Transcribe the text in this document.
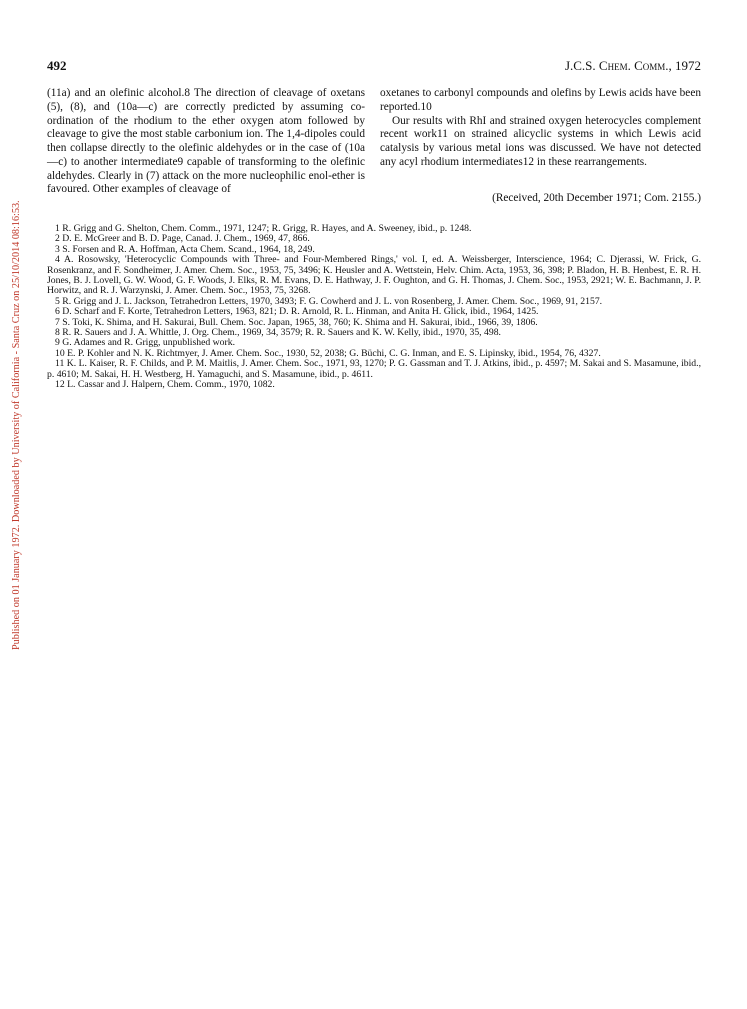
Published on 01 January 1972. Downloaded by University of California - Santa Cruz on 25/10/2014 08:16:53.
492	J.C.S. Chem. Comm., 1972

(11a) and an olefinic alcohol.8 The direction of cleavage of oxetans (5), (8), and (10a—c) are correctly predicted by assuming co-ordination of the rhodium to the ether oxygen atom followed by cleavage to give the most stable carbonium ion. The 1,4-dipoles could then collapse directly to the olefinic aldehydes or in the case of (10a—c) to another intermediate9 capable of transforming to the olefinic aldehydes. Clearly in (7) attack on the more nucleophilic enol-ether is favoured. Other examples of cleavage of

oxetanes to carbonyl compounds and olefins by Lewis acids have been reported.10

Our results with RhI and strained oxygen heterocycles complement recent work11 on strained alicyclic systems in which Lewis acid catalysis by various metal ions was discussed. We have not detected any acyl rhodium intermediates12 in these rearrangements.

(Received, 20th December 1971; Com. 2155.)

1 R. Grigg and G. Shelton, Chem. Comm., 1971, 1247; R. Grigg, R. Hayes, and A. Sweeney, ibid., p. 1248.

2 D. E. McGreer and B. D. Page, Canad. J. Chem., 1969, 47, 866.

3 S. Forsen and R. A. Hoffman, Acta Chem. Scand., 1964, 18, 249.

4 A. Rosowsky, 'Heterocyclic Compounds with Three- and Four-Membered Rings,' vol. I, ed. A. Weissberger, Interscience, 1964; C. Djerassi, W. Frick, G. Rosenkranz, and F. Sondheimer, J. Amer. Chem. Soc., 1953, 75, 3496; K. Heusler and A. Wettstein, Helv. Chim. Acta, 1953, 36, 398; P. Bladon, H. B. Henbest, E. R. H. Jones, B. J. Lovell, G. W. Wood, G. F. Woods, J. Elks, R. M. Evans, D. E. Hathway, J. F. Oughton, and G. H. Thomas, J. Chem. Soc., 1953, 2921; W. E. Bachmann, J. P. Horwitz, and R. J. Warzynski, J. Amer. Chem. Soc., 1953, 75, 3268.

5 R. Grigg and J. L. Jackson, Tetrahedron Letters, 1970, 3493; F. G. Cowherd and J. L. von Rosenberg, J. Amer. Chem. Soc., 1969, 91, 2157.

6 D. Scharf and F. Korte, Tetrahedron Letters, 1963, 821; D. R. Arnold, R. L. Hinman, and Anita H. Glick, ibid., 1964, 1425.

7 S. Toki, K. Shima, and H. Sakurai, Bull. Chem. Soc. Japan, 1965, 38, 760; K. Shima and H. Sakurai, ibid., 1966, 39, 1806.

8 R. R. Sauers and J. A. Whittle, J. Org. Chem., 1969, 34, 3579; R. R. Sauers and K. W. Kelly, ibid., 1970, 35, 498.

9 G. Adames and R. Grigg, unpublished work.

10 E. P. Kohler and N. K. Richtmyer, J. Amer. Chem. Soc., 1930, 52, 2038; G. Büchi, C. G. Inman, and E. S. Lipinsky, ibid., 1954, 76, 4327.

11 K. L. Kaiser, R. F. Childs, and P. M. Maitlis, J. Amer. Chem. Soc., 1971, 93, 1270; P. G. Gassman and T. J. Atkins, ibid., p. 4597; M. Sakai and S. Masamune, ibid., p. 4610; M. Sakai, H. H. Westberg, H. Yamaguchi, and S. Masamune, ibid., p. 4611.

12 L. Cassar and J. Halpern, Chem. Comm., 1970, 1082.
